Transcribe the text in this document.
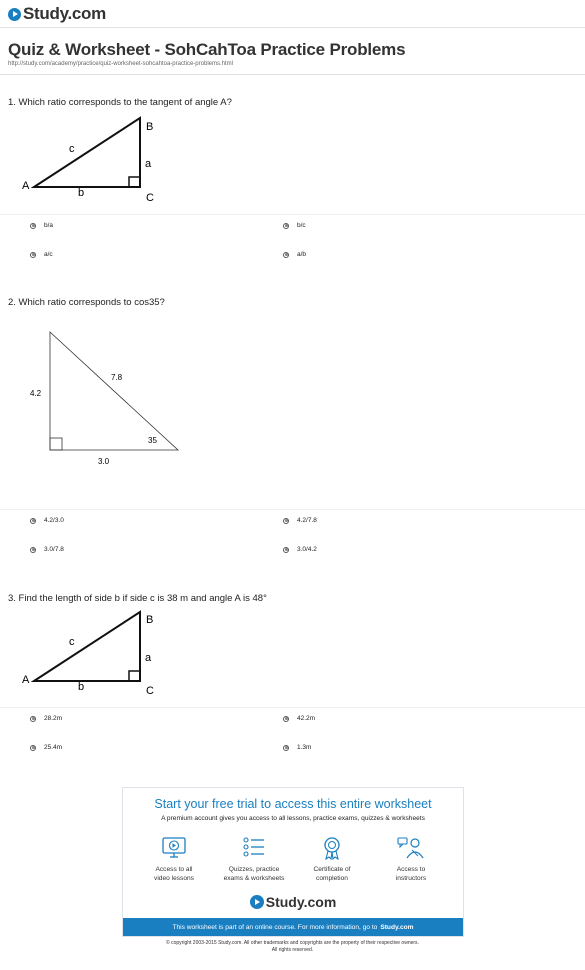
Study.com
Quiz & Worksheet - SohCahToa Practice Problems
http://study.com/academy/practice/quiz-worksheet-sohcahtoa-practice-problems.html
1. Which ratio corresponds to the tangent of angle A?
A
B
C
a
b
c
b/a	b/c
a/c	a/b
2. Which ratio corresponds to cos35?
4.2
7.8
3.0
35
4.2/3.0	4.2/7.8
3.0/7.8	3.0/4.2
3. Find the length of side b if side c is 38 m and angle A is 48°
A
B
C
a
b
c
28.2m	42.2m
25.4m	1.3m
Start your free trial to access this entire worksheet
A premium account gives you access to all lessons, practice exams, quizzes & worksheets
Access to all
video lessons
Quizzes, practice
exams & worksheets
Certificate of
completion
Access to
instructors
Study.com
This worksheet is part of an online course. For more information, go to Study.com
© copyright 2003-2015 Study.com. All other trademarks and copyrights are the property of their respective owners.
All rights reserved.
